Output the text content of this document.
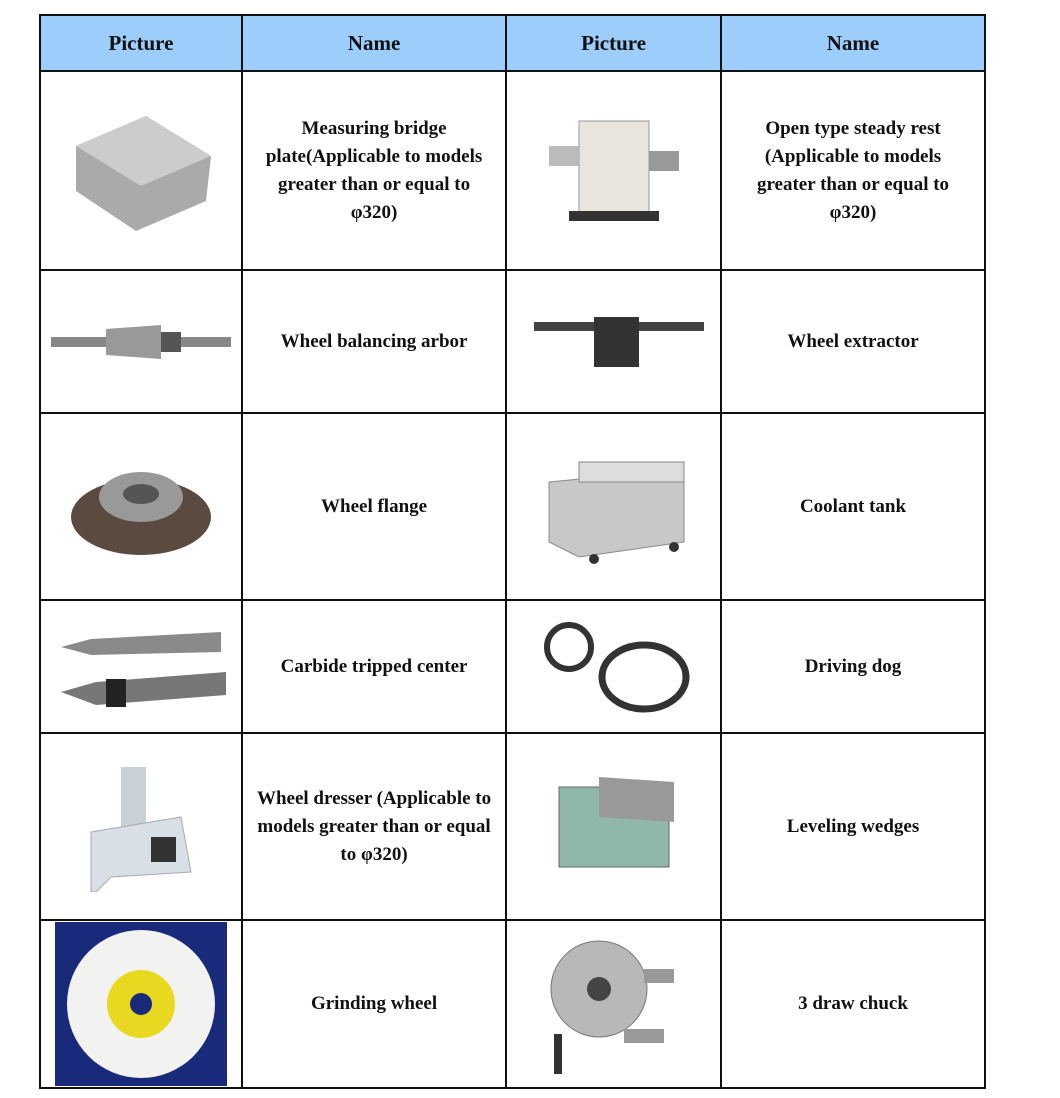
Picture	Name	Picture	Name

	Measuring bridge plate(Applicable to models greater than or equal to φ320)		Open type steady rest (Applicable to models greater than or equal to φ320)

	Wheel balancing arbor		Wheel extractor

	Wheel flange		Coolant tank

	Carbide tripped center		Driving dog

	Wheel dresser (Applicable to models greater than or equal to φ320)		Leveling wedges

	Grinding wheel		3 draw chuck
